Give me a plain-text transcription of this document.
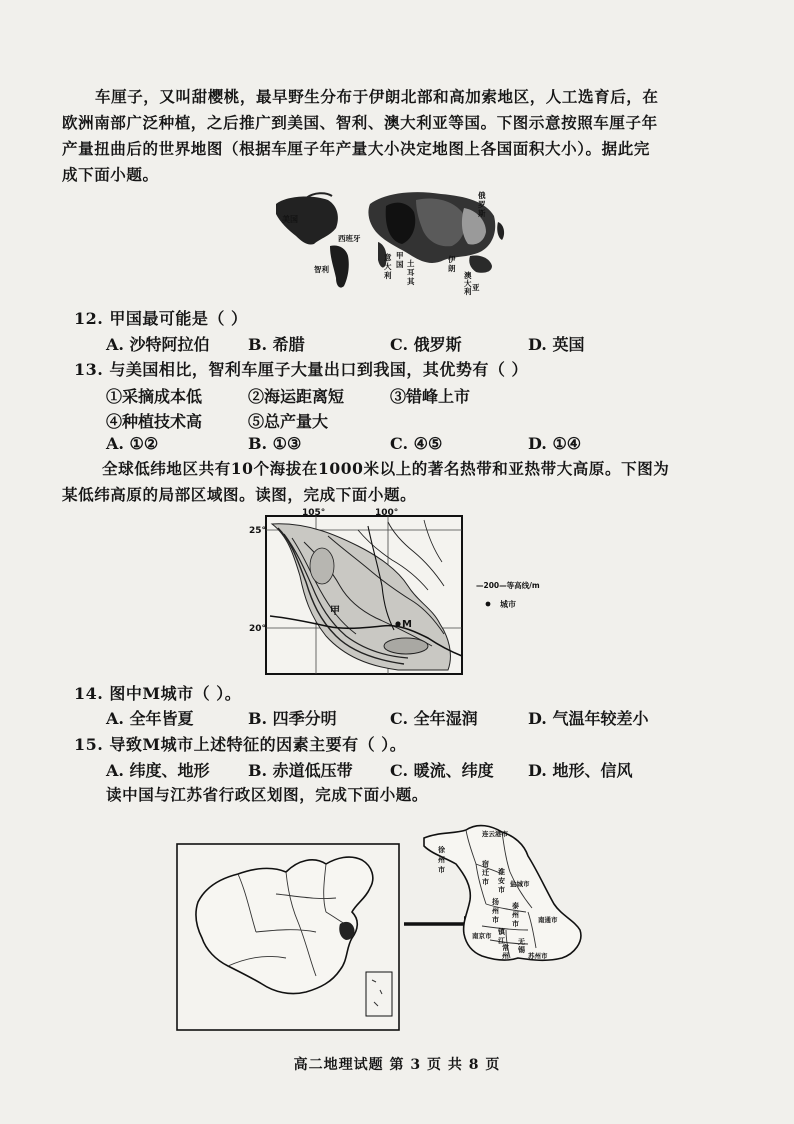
车厘子，又叫甜樱桃，最早野生分布于伊朗北部和高加索地区，人工选育后，在
欧洲南部广泛种植，之后推广到美国、智利、澳大利亚等国。下图示意按照车厘子年
产量扭曲后的世界地图（根据车厘子年产量大小决定地图上各国面积大小）。据此完
成下面小题。
美国
西班牙
智利
意大利
甲国 土耳其
伊朗
澳大利 亚
俄罗斯
12. 甲国最可能是（ ）
A. 沙特阿拉伯 B. 希腊	C. 俄罗斯	D. 英国
13. 与美国相比，智利车厘子大量出口到我国，其优势有（ ）
①采摘成本低	②海运距离短	③错峰上市
④种植技术高	⑤总产量大
A. ①②	B. ①③	C. ④⑤	D. ①④
全球低纬地区共有10个海拔在1000米以上的著名热带和亚热带大高原。下图为
某低纬高原的局部区域图。读图，完成下面小题。
105°	100°
25°
20°
甲
M
—200—等高线/m
城市
14. 图中M城市（ ）。
A. 全年皆夏	B. 四季分明	C. 全年湿润	D. 气温年较差小
15. 导致M城市上述特征的因素主要有（ ）。
A. 纬度、地形 B. 赤道低压带 C. 暖流、纬度 D. 地形、信风
读中国与江苏省行政区划图，完成下面小题。
连云港市
徐州市
宿迁市
淮安市
盐城市
扬州市
泰州市	南通市
南京市 镇江
常州
无锡
苏州市
高二地理试题 第 3 页 共 8 页
